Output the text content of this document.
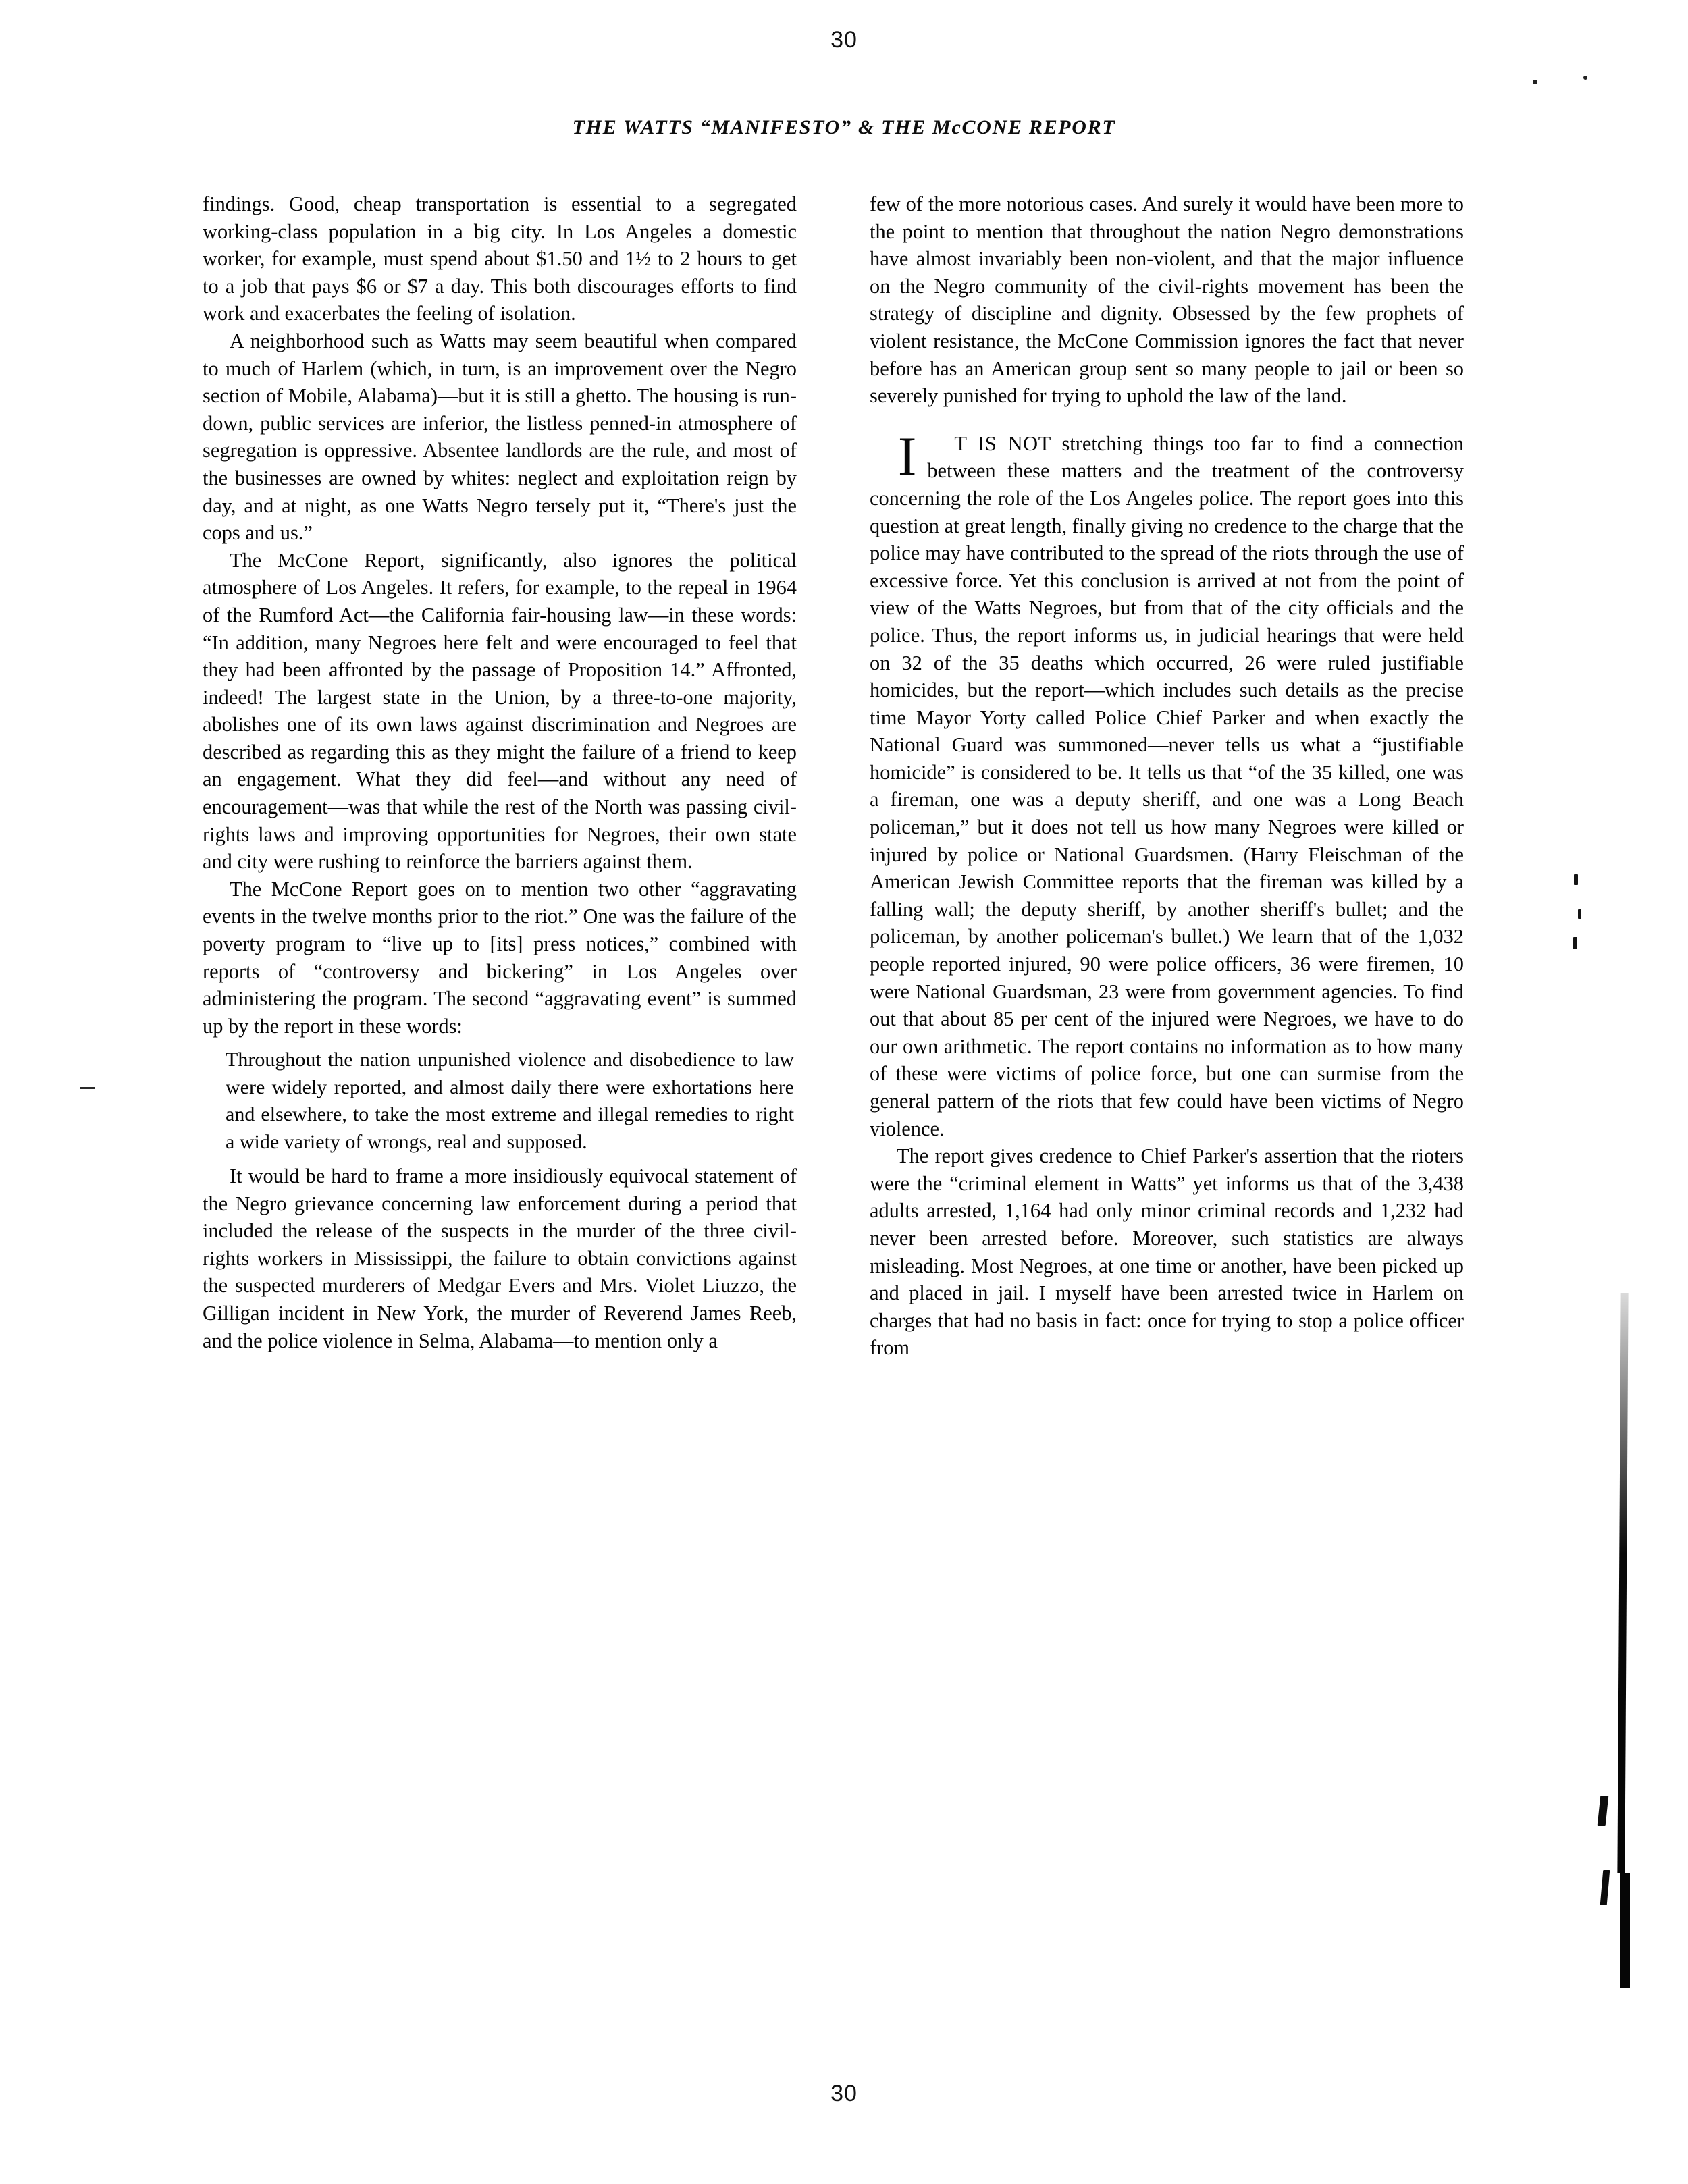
30
THE WATTS “MANIFESTO” & THE McCONE REPORT

findings. Good, cheap transportation is essential to a segregated working-class population in a big city. In Los Angeles a domestic worker, for example, must spend about $1.50 and 1½ to 2 hours to get to a job that pays $6 or $7 a day. This both discourages efforts to find work and exacerbates the feeling of isolation.

A neighborhood such as Watts may seem beautiful when compared to much of Harlem (which, in turn, is an improvement over the Negro section of Mobile, Alabama)—but it is still a ghetto. The housing is run-down, public services are inferior, the listless penned-in atmosphere of segregation is oppressive. Absentee landlords are the rule, and most of the businesses are owned by whites: neglect and exploitation reign by day, and at night, as one Watts Negro tersely put it, “There's just the cops and us.”

The McCone Report, significantly, also ignores the political atmosphere of Los Angeles. It refers, for example, to the repeal in 1964 of the Rumford Act—the California fair-housing law—in these words: “In addition, many Negroes here felt and were encouraged to feel that they had been affronted by the passage of Proposition 14.” Affronted, indeed! The largest state in the Union, by a three-to-one majority, abolishes one of its own laws against discrimination and Negroes are described as regarding this as they might the failure of a friend to keep an engagement. What they did feel—and without any need of encouragement—was that while the rest of the North was passing civil-rights laws and improving opportunities for Negroes, their own state and city were rushing to reinforce the barriers against them.

The McCone Report goes on to mention two other “aggravating events in the twelve months prior to the riot.” One was the failure of the poverty program to “live up to [its] press notices,” combined with reports of “controversy and bickering” in Los Angeles over administering the program. The second “aggravating event” is summed up by the report in these words:

Throughout the nation unpunished violence and disobedience to law were widely reported, and almost daily there were exhortations here and elsewhere, to take the most extreme and illegal remedies to right a wide variety of wrongs, real and supposed.

It would be hard to frame a more insidiously equivocal statement of the Negro grievance concerning law enforcement during a period that included the release of the suspects in the murder of the three civil-rights workers in Mississippi, the failure to obtain convictions against the suspected murderers of Medgar Evers and Mrs. Violet Liuzzo, the Gilligan incident in New York, the murder of Reverend James Reeb, and the police violence in Selma, Alabama—to mention only a

few of the more notorious cases. And surely it would have been more to the point to mention that throughout the nation Negro demonstrations have almost invariably been non-violent, and that the major influence on the Negro community of the civil-rights movement has been the strategy of discipline and dignity. Obsessed by the few prophets of violent resistance, the McCone Commission ignores the fact that never before has an American group sent so many people to jail or been so severely punished for trying to uphold the law of the land.

I	T IS NOT stretching things too far to find a connection between these matters and the treatment of the controversy concerning the role of the Los Angeles police. The report goes into this question at great length, finally giving no credence to the charge that the police may have contributed to the spread of the riots through the use of excessive force. Yet this conclusion is arrived at not from the point of view of the Watts Negroes, but from that of the city officials and the police. Thus, the report informs us, in judicial hearings that were held on 32 of the 35 deaths which occurred, 26 were ruled justifiable homicides, but the report—which includes such details as the precise time Mayor Yorty called Police Chief Parker and when exactly the National Guard was summoned—never tells us what a “justifiable homicide” is considered to be. It tells us that “of the 35 killed, one was a fireman, one was a deputy sheriff, and one was a Long Beach policeman,” but it does not tell us how many Negroes were killed or injured by police or National Guardsmen. (Harry Fleischman of the American Jewish Committee reports that the fireman was killed by a falling wall; the deputy sheriff, by another sheriff's bullet; and the policeman, by another policeman's bullet.) We learn that of the 1,032 people reported injured, 90 were police officers, 36 were firemen, 10 were National Guardsman, 23 were from government agencies. To find out that about 85 per cent of the injured were Negroes, we have to do our own arithmetic. The report contains no information as to how many of these were victims of police force, but one can surmise from the general pattern of the riots that few could have been victims of Negro violence.

The report gives credence to Chief Parker's assertion that the rioters were the “criminal element in Watts” yet informs us that of the 3,438 adults arrested, 1,164 had only minor criminal records and 1,232 had never been arrested before. Moreover, such statistics are always misleading. Most Negroes, at one time or another, have been picked up and placed in jail. I myself have been arrested twice in Harlem on charges that had no basis in fact: once for trying to stop a police officer from

30
